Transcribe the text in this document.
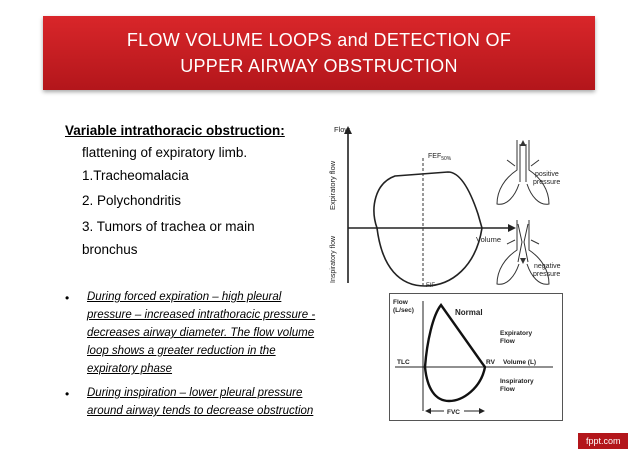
FLOW VOLUME LOOPS and DETECTION OF
UPPER AIRWAY OBSTRUCTION
Variable intrathoracic obstruction:
flattening of expiratory limb.
1.Tracheomalacia
2. Polychondritis
3. Tumors of trachea or main
bronchus
• During forced expiration – high pleural
pressure – increased intrathoracic pressure -
decreases airway diameter. The flow volume
loop shows a greater reduction in the
expiratory phase
• During inspiration – lower pleural pressure
around airway tends to decrease obstruction
Flow
Expiratory flow
Inspiratory flow	Volume
$FEF_{50\%}$
FIF
positive
pressure
negative
pressure
Flow
(L/sec)
TLC	RV Volume (L)
Normal
Expiratory
Flow
Inspiratory
Flow
FVC
fppt.com
